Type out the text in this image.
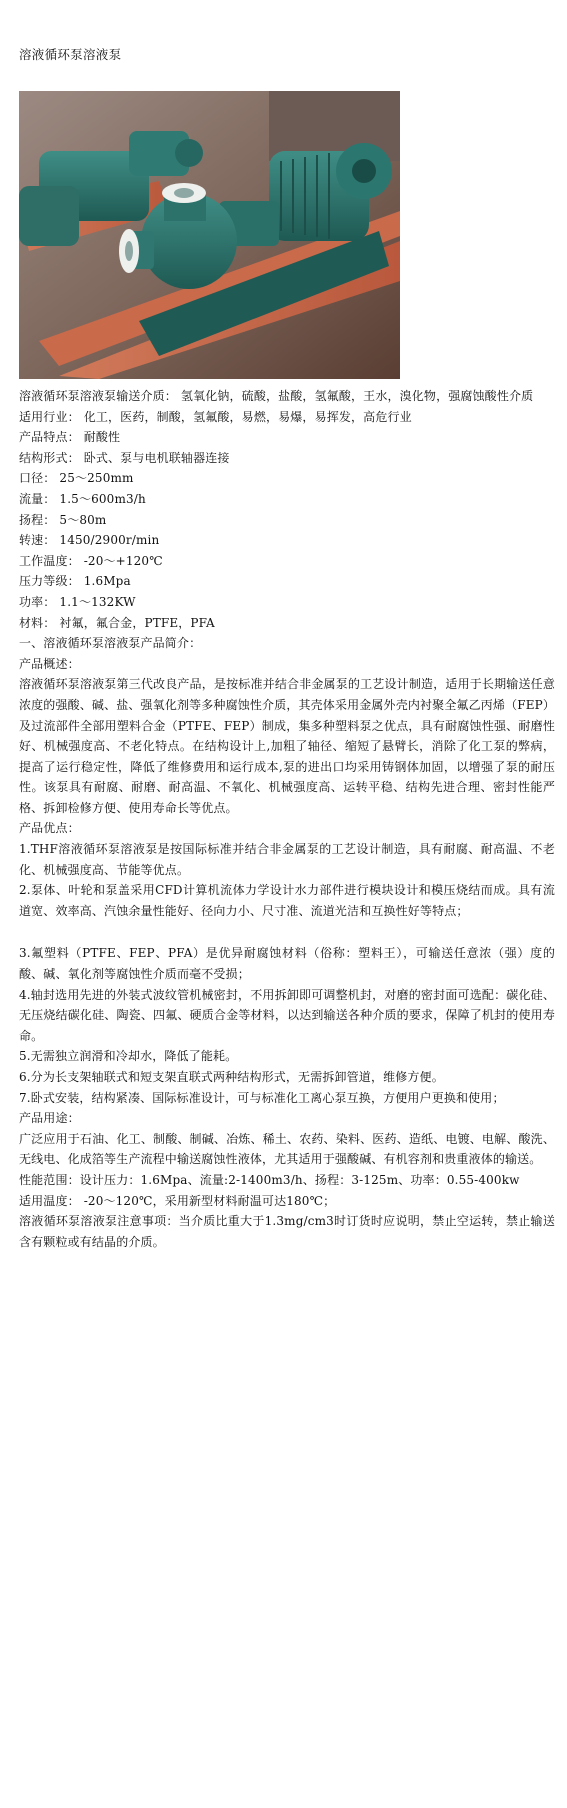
溶液循环泵溶液泵
溶液循环泵溶液泵输送介质： 氢氧化钠，硫酸，盐酸，氢氟酸，王水，溴化物，强腐蚀酸性介质
适用行业： 化工，医药，制酸，氢氟酸，易燃，易爆，易挥发，高危行业
产品特点： 耐酸性
结构形式： 卧式、泵与电机联轴器连接
口径： 25～250mm
流量： 1.5～600m3/h
扬程： 5～80m
转速： 1450/2900r/min
工作温度： -20～+120℃
压力等级： 1.6Mpa
功率： 1.1～132KW
材料： 衬氟，氟合金，PTFE，PFA
一、溶液循环泵溶液泵产品简介：
产品概述：
溶液循环泵溶液泵第三代改良产品，是按标准并结合非金属泵的工艺设计制造，适用于长期输送任意浓度的强酸、碱、盐、强氧化剂等多种腐蚀性介质，其壳体采用金属外壳内衬聚全氟乙丙烯（FEP）及过流部件全部用塑料合金（PTFE、FEP）制成，集多种塑料泵之优点，具有耐腐蚀性强、耐磨性好、机械强度高、不老化特点。在结构设计上,加粗了轴径、缩短了悬臂长，消除了化工泵的弊病，提高了运行稳定性，降低了维修费用和运行成本,泵的进出口均采用铸钢体加固，以增强了泵的耐压性。该泵具有耐腐、耐磨、耐高温、不氧化、机械强度高、运转平稳、结构先进合理、密封性能严格、拆卸检修方便、使用寿命长等优点。
产品优点：
1.THF溶液循环泵溶液泵是按国际标准并结合非金属泵的工艺设计制造，具有耐腐、耐高温、不老化、机械强度高、节能等优点。
2.泵体、叶轮和泵盖采用CFD计算机流体力学设计水力部件进行模块设计和模压烧结而成。具有流道宽、效率高、汽蚀余量性能好、径向力小、尺寸准、流道光洁和互换性好等特点；
3.氟塑料（PTFE、FEP、PFA）是优异耐腐蚀材料（俗称：塑料王），可输送任意浓（强）度的酸、碱、氧化剂等腐蚀性介质而毫不受损；
4.轴封选用先进的外装式波纹管机械密封，不用拆卸即可调整机封，对磨的密封面可选配：碳化硅、无压烧结碳化硅、陶瓷、四氟、硬质合金等材料，以达到输送各种介质的要求，保障了机封的使用寿命。
5.无需独立润滑和冷却水，降低了能耗。
6.分为长支架轴联式和短支架直联式两种结构形式，无需拆卸管道，维修方便。
7.卧式安装，结构紧凑、国际标准设计，可与标准化工离心泵互换，方便用户更换和使用；
产品用途：
广泛应用于石油、化工、制酸、制碱、冶炼、稀土、农药、染料、医药、造纸、电镀、电解、酸洗、无线电、化成箔等生产流程中输送腐蚀性液体，尤其适用于强酸碱、有机容剂和贵重液体的输送。
性能范围：设计压力：1.6Mpa、流量:2-1400m3/h、扬程：3-125m、功率：0.55-400kw
适用温度： -20～120℃，采用新型材料耐温可达180℃；
溶液循环泵溶液泵注意事项：当介质比重大于1.3mg/cm3时订货时应说明，禁止空运转，禁止输送含有颗粒或有结晶的介质。
